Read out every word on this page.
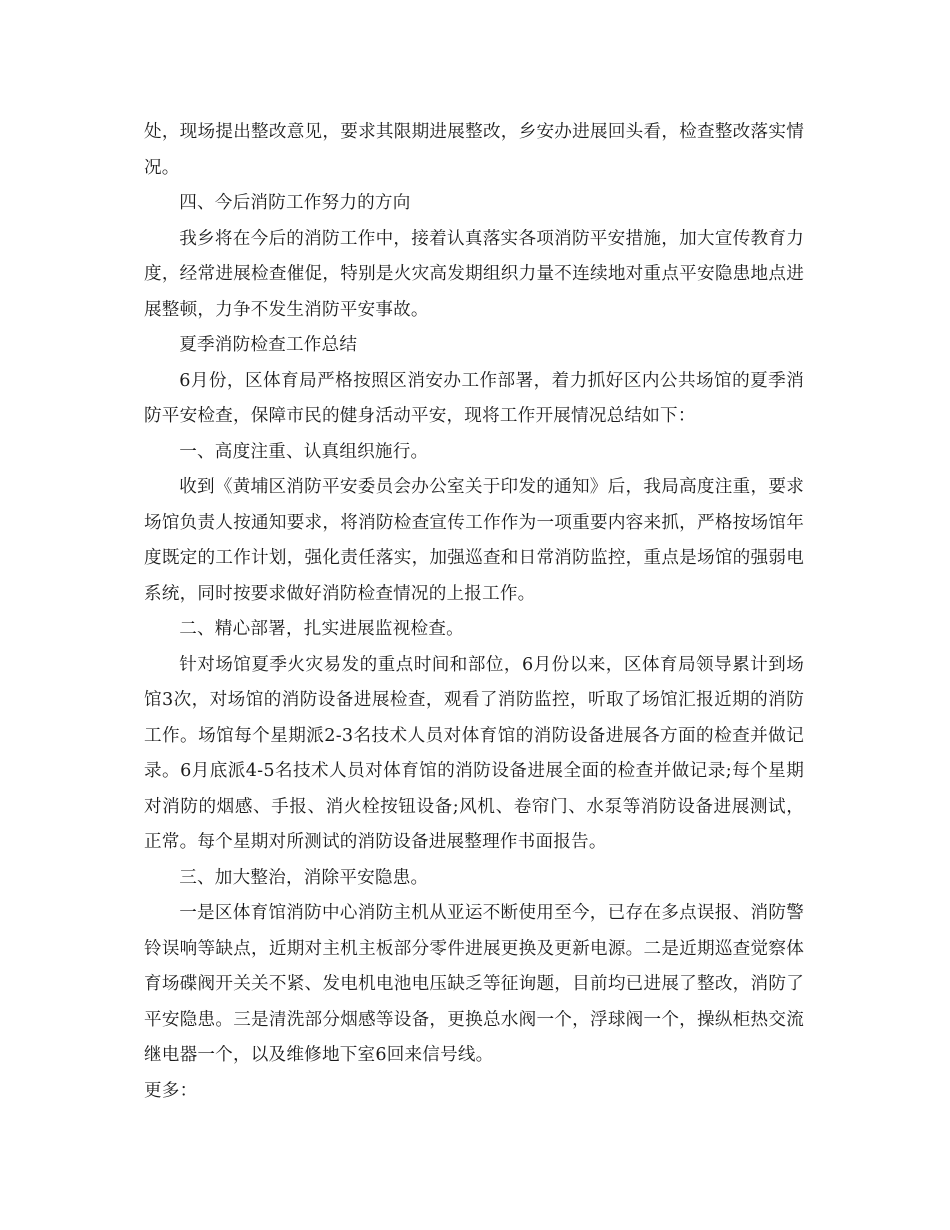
处，现场提出整改意见，要求其限期进展整改，乡安办进展回头看，检查整改落实情况。

四、今后消防工作努力的方向

我乡将在今后的消防工作中，接着认真落实各项消防平安措施，加大宣传教育力度，经常进展检查催促，特别是火灾高发期组织力量不连续地对重点平安隐患地点进展整顿，力争不发生消防平安事故。

夏季消防检查工作总结

6月份，区体育局严格按照区消安办工作部署，着力抓好区内公共场馆的夏季消防平安检查，保障市民的健身活动平安，现将工作开展情况总结如下：

一、高度注重、认真组织施行。

收到《黄埔区消防平安委员会办公室关于印发的通知》后，我局高度注重，要求场馆负责人按通知要求，将消防检查宣传工作作为一项重要内容来抓，严格按场馆年度既定的工作计划，强化责任落实，加强巡查和日常消防监控，重点是场馆的强弱电系统，同时按要求做好消防检查情况的上报工作。

二、精心部署，扎实进展监视检查。

针对场馆夏季火灾易发的重点时间和部位，6月份以来，区体育局领导累计到场馆3次，对场馆的消防设备进展检查，观看了消防监控，听取了场馆汇报近期的消防工作。场馆每个星期派2-3名技术人员对体育馆的消防设备进展各方面的检查并做记录。6月底派4-5名技术人员对体育馆的消防设备进展全面的检查并做记录;每个星期对消防的烟感、手报、消火栓按钮设备;风机、卷帘门、水泵等消防设备进展测试，正常。每个星期对所测试的消防设备进展整理作书面报告。

三、加大整治，消除平安隐患。

一是区体育馆消防中心消防主机从亚运不断使用至今，已存在多点误报、消防警铃误响等缺点，近期对主机主板部分零件进展更换及更新电源。二是近期巡查觉察体育场碟阀开关关不紧、发电机电池电压缺乏等征询题，目前均已进展了整改，消防了平安隐患。三是清洗部分烟感等设备，更换总水阀一个，浮球阀一个，操纵柜热交流继电器一个，以及维修地下室6回来信号线。

更多：
